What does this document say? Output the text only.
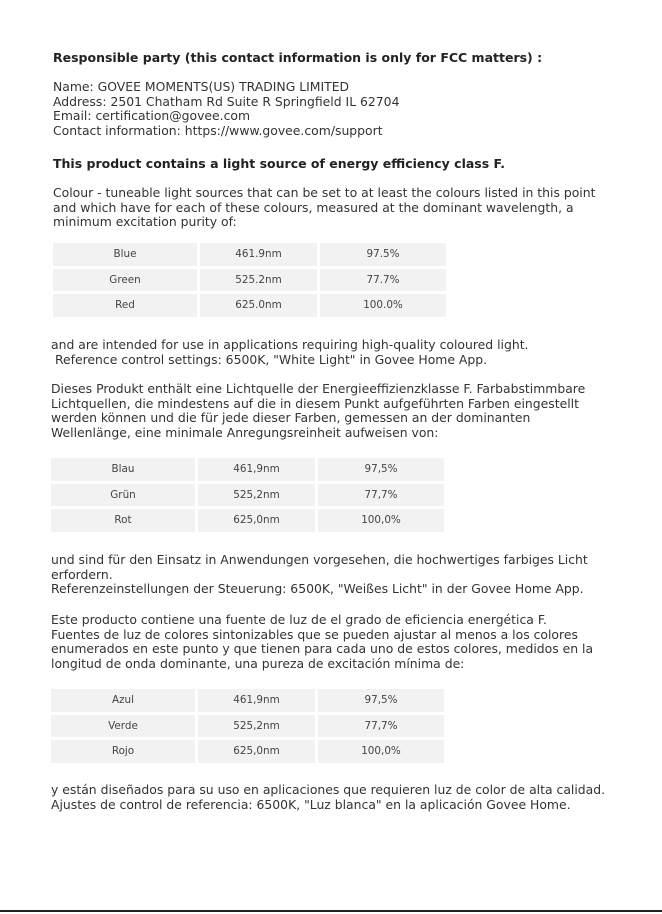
Responsible party (this contact information is only for FCC matters) :
Name: GOVEE MOMENTS(US) TRADING LIMITED
Address: 2501 Chatham Rd Suite R Springfield IL 62704
Email: certification@govee.com
Contact information: https://www.govee.com/support
This product contains a light source of energy efficiency class F.
Colour - tuneable light sources that can be set to at least the colours listed in this point
and which have for each of these colours, measured at the dominant wavelength, a
minimum excitation purity of:
Blue	461.9nm	97.5%
Green	525.2nm	77.7%
Red	625.0nm	100.0%
and are intended for use in applications requiring high-quality coloured light.
Reference control settings: 6500K, "White Light" in Govee Home App.
Dieses Produkt enthält eine Lichtquelle der Energieeffizienzklasse F. Farbabstimmbare
Lichtquellen, die mindestens auf die in diesem Punkt aufgeführten Farben eingestellt
werden können und die für jede dieser Farben, gemessen an der dominanten
Wellenlänge, eine minimale Anregungsreinheit aufweisen von:
Blau	461,9nm	97,5%
Grün	525,2nm	77,7%
Rot	625,0nm	100,0%
und sind für den Einsatz in Anwendungen vorgesehen, die hochwertiges farbiges Licht
erfordern.
Referenzeinstellungen der Steuerung: 6500K, "Weißes Licht" in der Govee Home App.
Este producto contiene una fuente de luz de el grado de eficiencia energética F.
Fuentes de luz de colores sintonizables que se pueden ajustar al menos a los colores
enumerados en este punto y que tienen para cada uno de estos colores, medidos en la
longitud de onda dominante, una pureza de excitación mínima de:
Azul	461,9nm	97,5%
Verde	525,2nm	77,7%
Rojo	625,0nm	100,0%
y están diseñados para su uso en aplicaciones que requieren luz de color de alta calidad.
Ajustes de control de referencia: 6500K, "Luz blanca" en la aplicación Govee Home.
